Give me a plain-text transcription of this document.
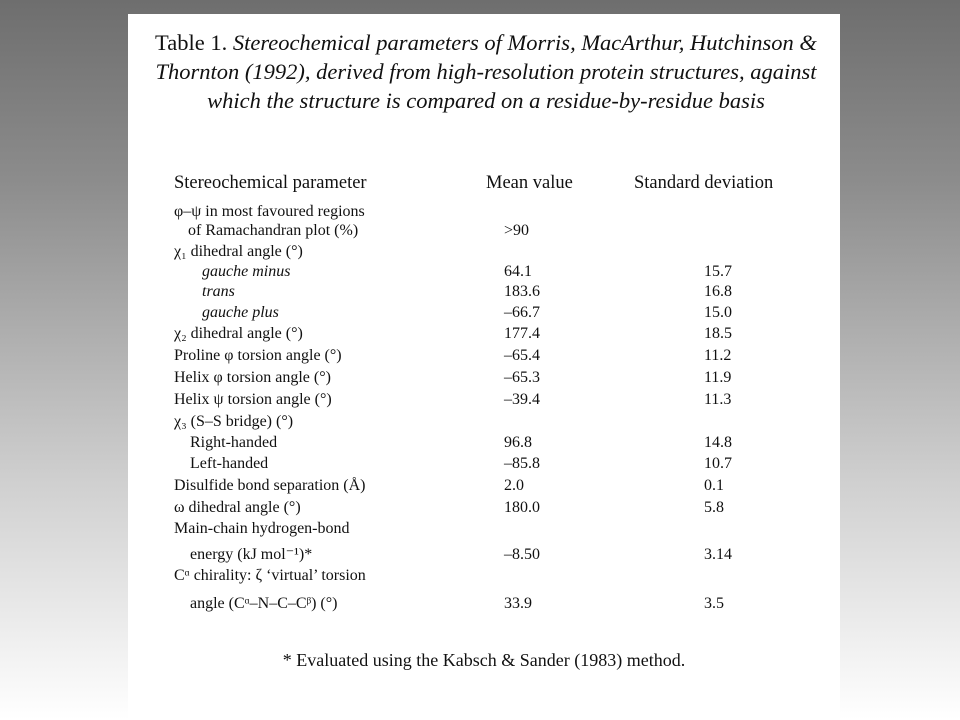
Table 1. Stereochemical parameters of Morris, MacArthur, Hutchinson & Thornton (1992), derived from high-resolution protein structures, against which the structure is compared on a residue-by-residue basis
Stereochemical parameter	Mean value	Standard deviation
φ–ψ in most favoured regions
of Ramachandran plot (%)	>90
χ₁ dihedral angle (°)
gauche minus	64.1	15.7
trans	183.6	16.8
gauche plus	–66.7	15.0
χ₂ dihedral angle (°)	177.4	18.5
Proline φ torsion angle (°)	–65.4	11.2
Helix φ torsion angle (°)	–65.3	11.9
Helix ψ torsion angle (°)	–39.4	11.3
χ₃ (S–S bridge) (°)
Right-handed	96.8	14.8
Left-handed	–85.8	10.7
Disulfide bond separation (Å)	2.0	0.1
ω dihedral angle (°)	180.0	5.8
Main-chain hydrogen-bond
energy (kJ mol⁻¹)*	–8.50	3.14
Cᵅ chirality: ζ ‘virtual’ torsion
angle (Cᵅ–N–C–Cᵝ) (°)	33.9	3.5
* Evaluated using the Kabsch & Sander (1983) method.
